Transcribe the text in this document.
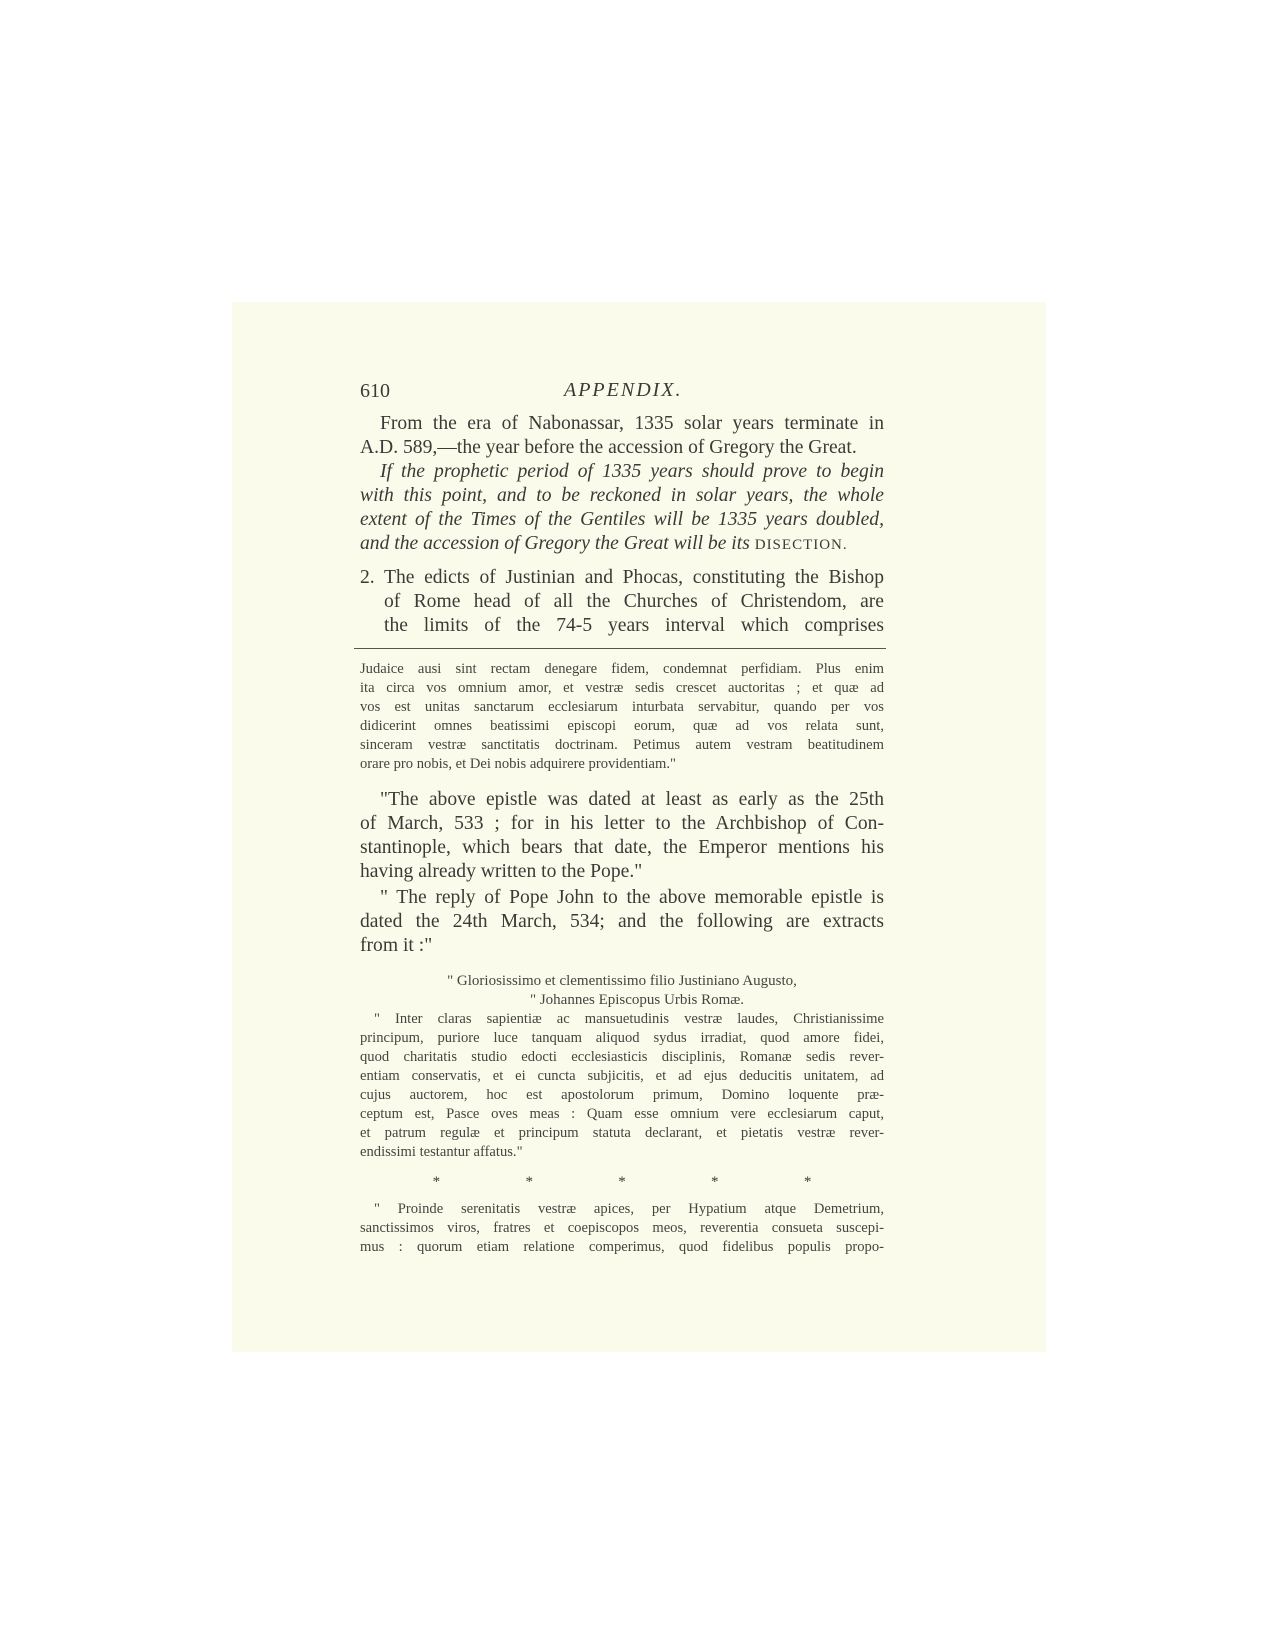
610	APPENDIX.
From the era of Nabonassar, 1335 solar years terminate in
A.D. 589,—the year before the accession of Gregory the Great.
If the prophetic period of 1335 years should prove to begin
with this point, and to be reckoned in solar years, the whole
extent of the Times of the Gentiles will be 1335 years doubled,
and the accession of Gregory the Great will be its DISECTION.
2. The edicts of Justinian and Phocas, constituting the Bishop
of Rome head of all the Churches of Christendom, are
the limits of the 74-5 years interval which comprises
Judaice ausi sint rectam denegare fidem, condemnat perfidiam. Plus enim
ita circa vos omnium amor, et vestræ sedis crescet auctoritas ; et quæ ad
vos est unitas sanctarum ecclesiarum inturbata servabitur, quando per vos
didicerint omnes beatissimi episcopi eorum, quæ ad vos relata sunt,
sinceram vestræ sanctitatis doctrinam. Petimus autem vestram beatitudinem
orare pro nobis, et Dei nobis adquirere providentiam."
"The above epistle was dated at least as early as the 25th
of March, 533 ; for in his letter to the Archbishop of Con-
stantinople, which bears that date, the Emperor mentions his
having already written to the Pope."
" The reply of Pope John to the above memorable epistle is
dated the 24th March, 534; and the following are extracts
from it :"
" Gloriosissimo et clementissimo filio Justiniano Augusto,
" Johannes Episcopus Urbis Romæ.
" Inter claras sapientiæ ac mansuetudinis vestræ laudes, Christianissime
principum, puriore luce tanquam aliquod sydus irradiat, quod amore fidei,
quod charitatis studio edocti ecclesiasticis disciplinis, Romanæ sedis rever-
entiam conservatis, et ei cuncta subjicitis, et ad ejus deducitis unitatem, ad
cujus auctorem, hoc est apostolorum primum, Domino loquente præ-
ceptum est, Pasce oves meas : Quam esse omnium vere ecclesiarum caput,
et patrum regulæ et principum statuta declarant, et pietatis vestræ rever-
endissimi testantur affatus."
*	*	*	*	*
" Proinde serenitatis vestræ apices, per Hypatium atque Demetrium,
sanctissimos viros, fratres et coepiscopos meos, reverentia consueta suscepi-
mus : quorum etiam relatione comperimus, quod fidelibus populis propo-
